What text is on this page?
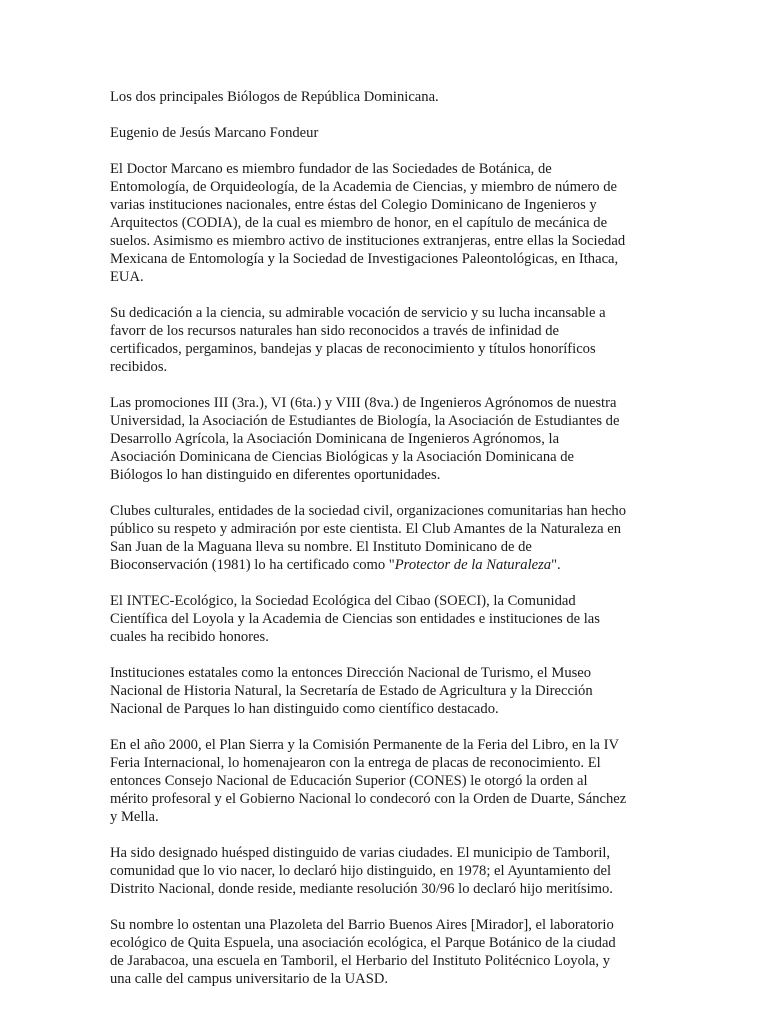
Los dos principales Biólogos de República Dominicana.

Eugenio de Jesús Marcano Fondeur

El Doctor Marcano es miembro fundador de las Sociedades de Botánica, de
Entomología, de Orquideología, de la Academia de Ciencias, y miembro de número de
varias instituciones nacionales, entre éstas del Colegio Dominicano de Ingenieros y
Arquitectos (CODIA), de la cual es miembro de honor, en el capítulo de mecánica de
suelos. Asimismo es miembro activo de instituciones extranjeras, entre ellas la Sociedad
Mexicana de Entomología y la Sociedad de Investigaciones Paleontológicas, en Ithaca,
EUA.

Su dedicación a la ciencia, su admirable vocación de servicio y su lucha incansable a
favorr de los recursos naturales han sido reconocidos a través de infinidad de
certificados, pergaminos, bandejas y placas de reconocimiento y títulos honoríficos
recibidos.

Las promociones III (3ra.), VI (6ta.) y VIII (8va.) de Ingenieros Agrónomos de nuestra
Universidad, la Asociación de Estudiantes de Biología, la Asociación de Estudiantes de
Desarrollo Agrícola, la Asociación Dominicana de Ingenieros Agrónomos, la
Asociación Dominicana de Ciencias Biológicas y la Asociación Dominicana de
Biólogos lo han distinguido en diferentes oportunidades.

Clubes culturales, entidades de la sociedad civil, organizaciones comunitarias han hecho
público su respeto y admiración por este cientista. El Club Amantes de la Naturaleza en
San Juan de la Maguana lleva su nombre. El Instituto Dominicano de de
Bioconservación (1981) lo ha certificado como "Protector de la Naturaleza".

El INTEC-Ecológico, la Sociedad Ecológica del Cibao (SOECI), la Comunidad
Científica del Loyola y la Academia de Ciencias son entidades e instituciones de las
cuales ha recibido honores.

Instituciones estatales como la entonces Dirección Nacional de Turismo, el Museo
Nacional de Historia Natural, la Secretaría de Estado de Agricultura y la Dirección
Nacional de Parques lo han distinguido como científico destacado.

En el año 2000, el Plan Sierra y la Comisión Permanente de la Feria del Libro, en la IV
Feria Internacional, lo homenajearon con la entrega de placas de reconocimiento. El
entonces Consejo Nacional de Educación Superior (CONES) le otorgó la orden al
mérito profesoral y el Gobierno Nacional lo condecoró con la Orden de Duarte, Sánchez
y Mella.

Ha sido designado huésped distinguido de varias ciudades. El municipio de Tamboril,
comunidad que lo vio nacer, lo declaró hijo distinguido, en 1978; el Ayuntamiento del
Distrito Nacional, donde reside, mediante resolución 30/96 lo declaró hijo meritísimo.

Su nombre lo ostentan una Plazoleta del Barrio Buenos Aires [Mirador], el laboratorio
ecológico de Quita Espuela, una asociación ecológica, el Parque Botánico de la ciudad
de Jarabacoa, una escuela en Tamboril, el Herbario del Instituto Politécnico Loyola, y
una calle del campus universitario de la UASD.
